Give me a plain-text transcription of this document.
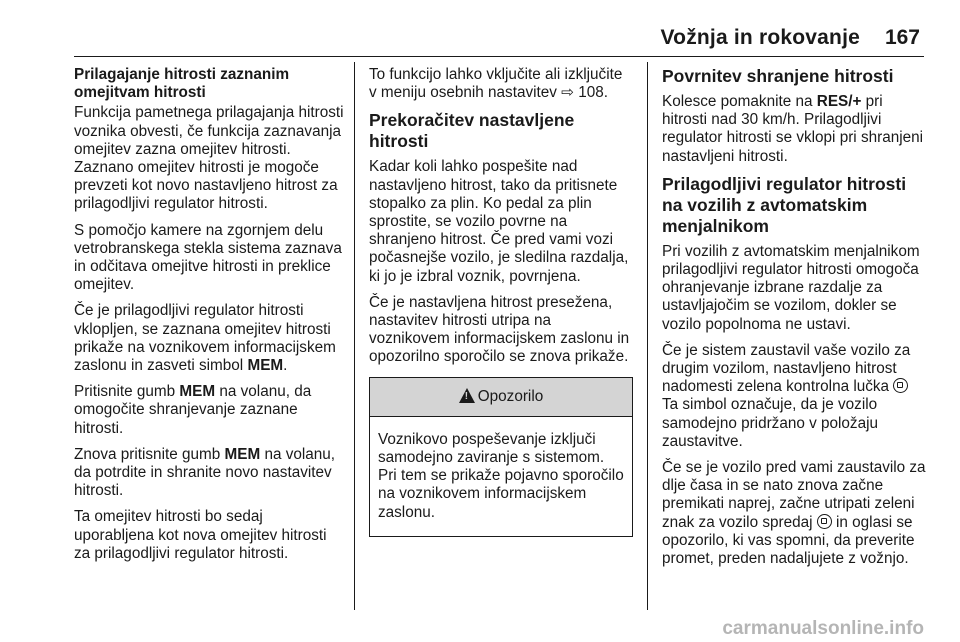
Vožnja in rokovanje 167
Prilagajanje hitrosti zaznanim
omejitvam hitrosti

Funkcija pametnega prilagajanja hitrosti voznika obvesti, če funkcija zaznavanja omejitev zazna omejitev hitrosti. Zaznano omejitev hitrosti je mogoče prevzeti kot novo nastavljeno hitrost za prilagodljivi regulator hitrosti.

S pomočjo kamere na zgornjem delu vetrobranskega stekla sistema zaznava in odčitava omejitve hitrosti in preklice omejitev.

Če je prilagodljivi regulator hitrosti vklopljen, se zaznana omejitev hitrosti prikaže na voznikovem informacijskem zaslonu in zasveti simbol MEM.

Pritisnite gumb MEM na volanu, da omogočite shranjevanje zaznane hitrosti.

Znova pritisnite gumb MEM na volanu, da potrdite in shranite novo nastavitev hitrosti.

Ta omejitev hitrosti bo sedaj uporabljena kot nova omejitev hitrosti za prilagodljivi regulator hitrosti.

To funkcijo lahko vključite ali izključite v meniju osebnih nastavitev ⇨ 108.

Prekoračitev nastavljene hitrosti

Kadar koli lahko pospešite nad nastavljeno hitrost, tako da pritisnete stopalko za plin. Ko pedal za plin sprostite, se vozilo povrne na shranjeno hitrost. Če pred vami vozi počasnejše vozilo, je sledilna razdalja, ki jo je izbral voznik, povrnjena.

Če je nastavljena hitrost presežena, nastavitev hitrosti utripa na voznikovem informacijskem zaslonu in opozorilno sporočilo se znova prikaže.

!Opozorilo
Voznikovo pospeševanje izključi samodejno zaviranje s sistemom. Pri tem se prikaže pojavno sporočilo na voznikovem informacijskem zaslonu.
Povrnitev shranjene hitrosti

Kolesce pomaknite na RES/+ pri hitrosti nad 30 km/h. Prilagodljivi regulator hitrosti se vklopi pri shranjeni nastavljeni hitrosti.

Prilagodljivi regulator hitrosti na vozilih z avtomatskim menjalnikom

Pri vozilih z avtomatskim menjalnikom prilagodljivi regulator hitrosti omogoča ohranjevanje izbrane razdalje za ustavljajočim se vozilom, dokler se vozilo popolnoma ne ustavi.

Če je sistem zaustavil vaše vozilo za drugim vozilom, nastavljeno hitrost nadomesti zelena kontrolna lučka  Ta simbol označuje, da je vozilo samodejno pridržano v položaju zaustavitve.

Če se je vozilo pred vami zaustavilo za dlje časa in se nato znova začne premikati naprej, začne utripati zeleni znak za vozilo spredaj  in oglasi se opozorilo, ki vas spomni, da preverite promet, preden nadaljujete z vožnjo.

carmanualsonline.info
